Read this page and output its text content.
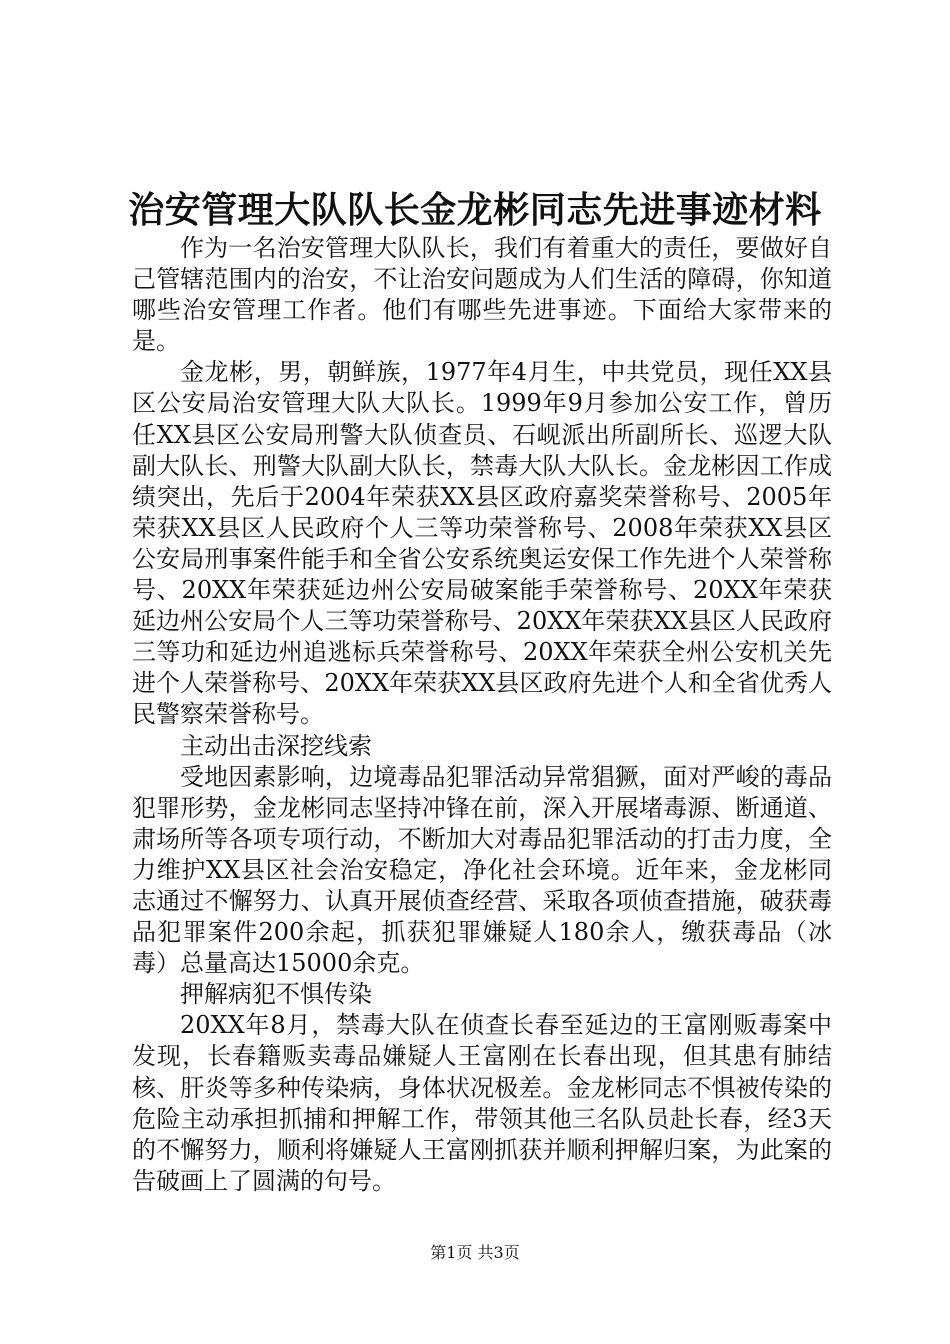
治安管理大队队长金龙彬同志先进事迹材料

作为一名治安管理大队队长，我们有着重大的责任，要做好自己管辖范围内的治安，不让治安问题成为人们生活的障碍，你知道哪些治安管理工作者。他们有哪些先进事迹。下面给大家带来的是。

金龙彬，男，朝鲜族，1977年4月生，中共党员，现任XX县区公安局治安管理大队大队长。1999年9月参加公安工作，曾历任XX县区公安局刑警大队侦查员、石岘派出所副所长、巡逻大队副大队长、刑警大队副大队长，禁毒大队大队长。金龙彬因工作成绩突出，先后于2004年荣获XX县区政府嘉奖荣誉称号、2005年荣获XX县区人民政府个人三等功荣誉称号、2008年荣获XX县区公安局刑事案件能手和全省公安系统奥运安保工作先进个人荣誉称号、20XX年荣获延边州公安局破案能手荣誉称号、20XX年荣获延边州公安局个人三等功荣誉称号、20XX年荣获XX县区人民政府三等功和延边州追逃标兵荣誉称号、20XX年荣获全州公安机关先进个人荣誉称号、20XX年荣获XX县区政府先进个人和全省优秀人民警察荣誉称号。

主动出击深挖线索

受地因素影响，边境毒品犯罪活动异常猖獗，面对严峻的毒品犯罪形势，金龙彬同志坚持冲锋在前，深入开展堵毒源、断通道、肃场所等各项专项行动，不断加大对毒品犯罪活动的打击力度，全力维护XX县区社会治安稳定，净化社会环境。近年来，金龙彬同志通过不懈努力、认真开展侦查经营、采取各项侦查措施，破获毒品犯罪案件200余起，抓获犯罪嫌疑人180余人，缴获毒品（冰毒）总量高达15000余克。

押解病犯不惧传染

20XX年8月，禁毒大队在侦查长春至延边的王富刚贩毒案中发现，长春籍贩卖毒品嫌疑人王富刚在长春出现，但其患有肺结核、肝炎等多种传染病，身体状况极差。金龙彬同志不惧被传染的危险主动承担抓捕和押解工作，带领其他三名队员赴长春，经3天的不懈努力，顺利将嫌疑人王富刚抓获并顺利押解归案，为此案的告破画上了圆满的句号。

第1页 共3页
